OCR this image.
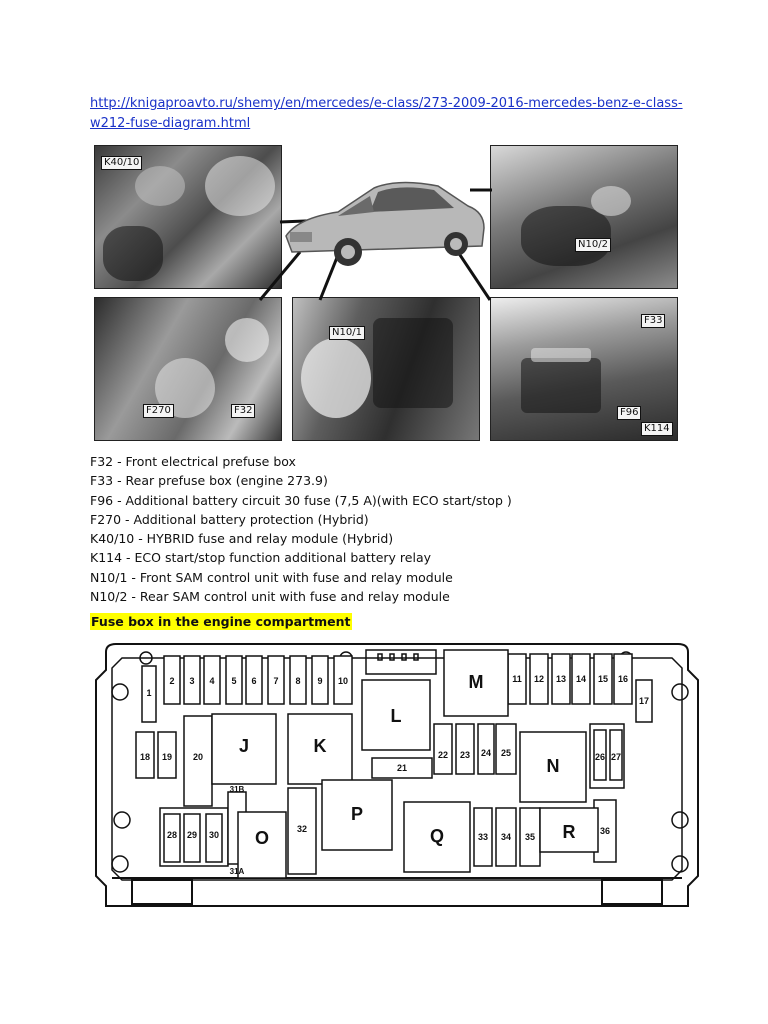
http://knigaproavto.ru/shemy/en/mercedes/e-class/273-2009-2016-mercedes-benz-e-class-w212-fuse-diagram.html
K40/10
N10/2
F270	F32
N10/1
F33
F96
K114
F32 - Front electrical prefuse box
F33 - Rear prefuse box (engine 273.9)
F96 - Additional battery circuit 30 fuse (7,5 A)(with ECO start/stop )
F270 - Additional battery protection (Hybrid)
K40/10 - HYBRID fuse and relay module (Hybrid)
K114 - ECO start/stop function additional battery relay
N10/1 - Front SAM control unit with fuse and relay module
N10/2 - Rear SAM control unit with fuse and relay module
Fuse box in the engine compartment
1
2 3 4 5 6 7 8 9 10	11 12 13 14 15 16
17
18 19 20
21
22 23 24 25	26 27
28 29 30
31B
31A
32
33 34 35
36
J	K
L
M
N
O
P
Q	R
